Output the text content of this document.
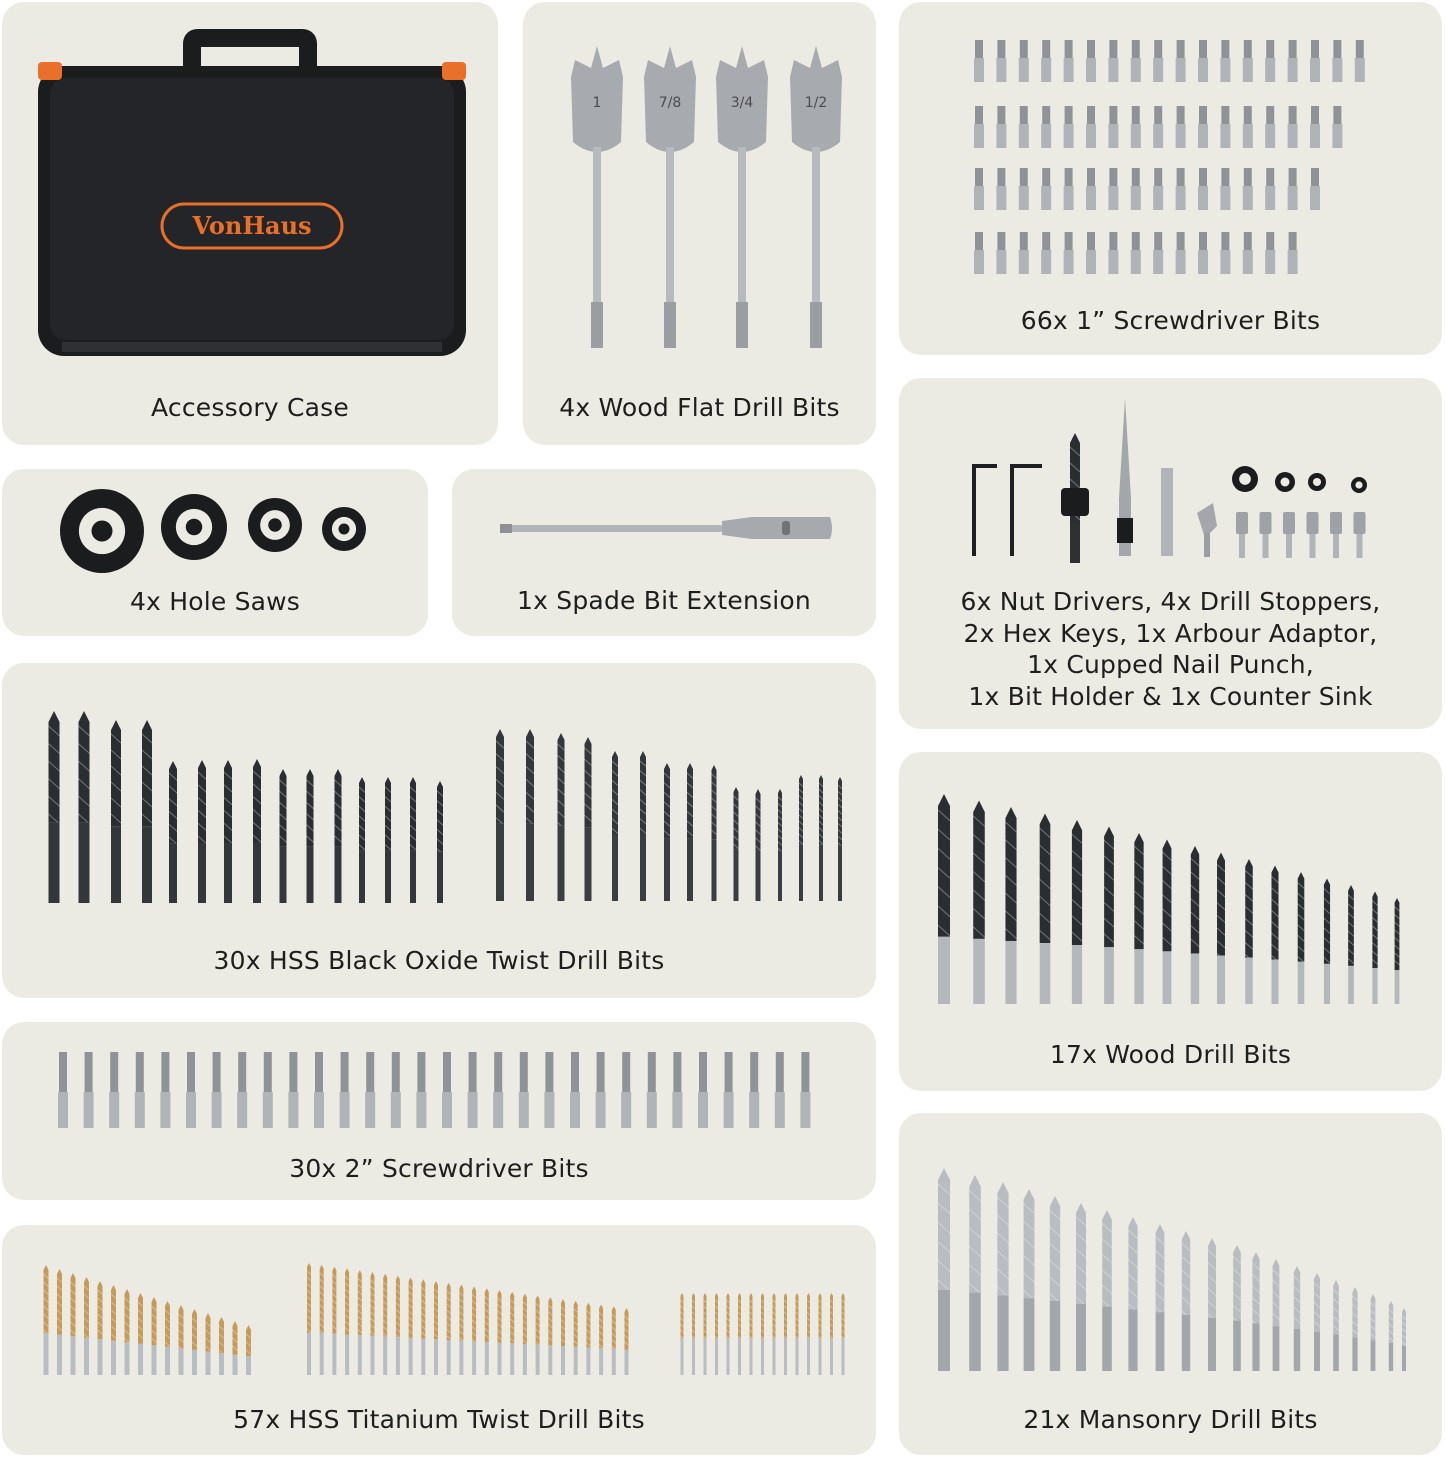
VonHaus
Accessory Case
1	7/8	3/4	1/2
4x Wood Flat Drill Bits
66x 1” Screwdriver Bits
4x Hole Saws	1x Spade Bit Extension	6x Nut Drivers, 4x Drill Stoppers,
2x Hex Keys, 1x Arbour Adaptor,
1x Cupped Nail Punch,
1x Bit Holder & 1x Counter Sink
30x HSS Black Oxide Twist Drill Bits
17x Wood Drill Bits
30x 2” Screwdriver Bits
21x Mansonry Drill Bits
57x HSS Titanium Twist Drill Bits
